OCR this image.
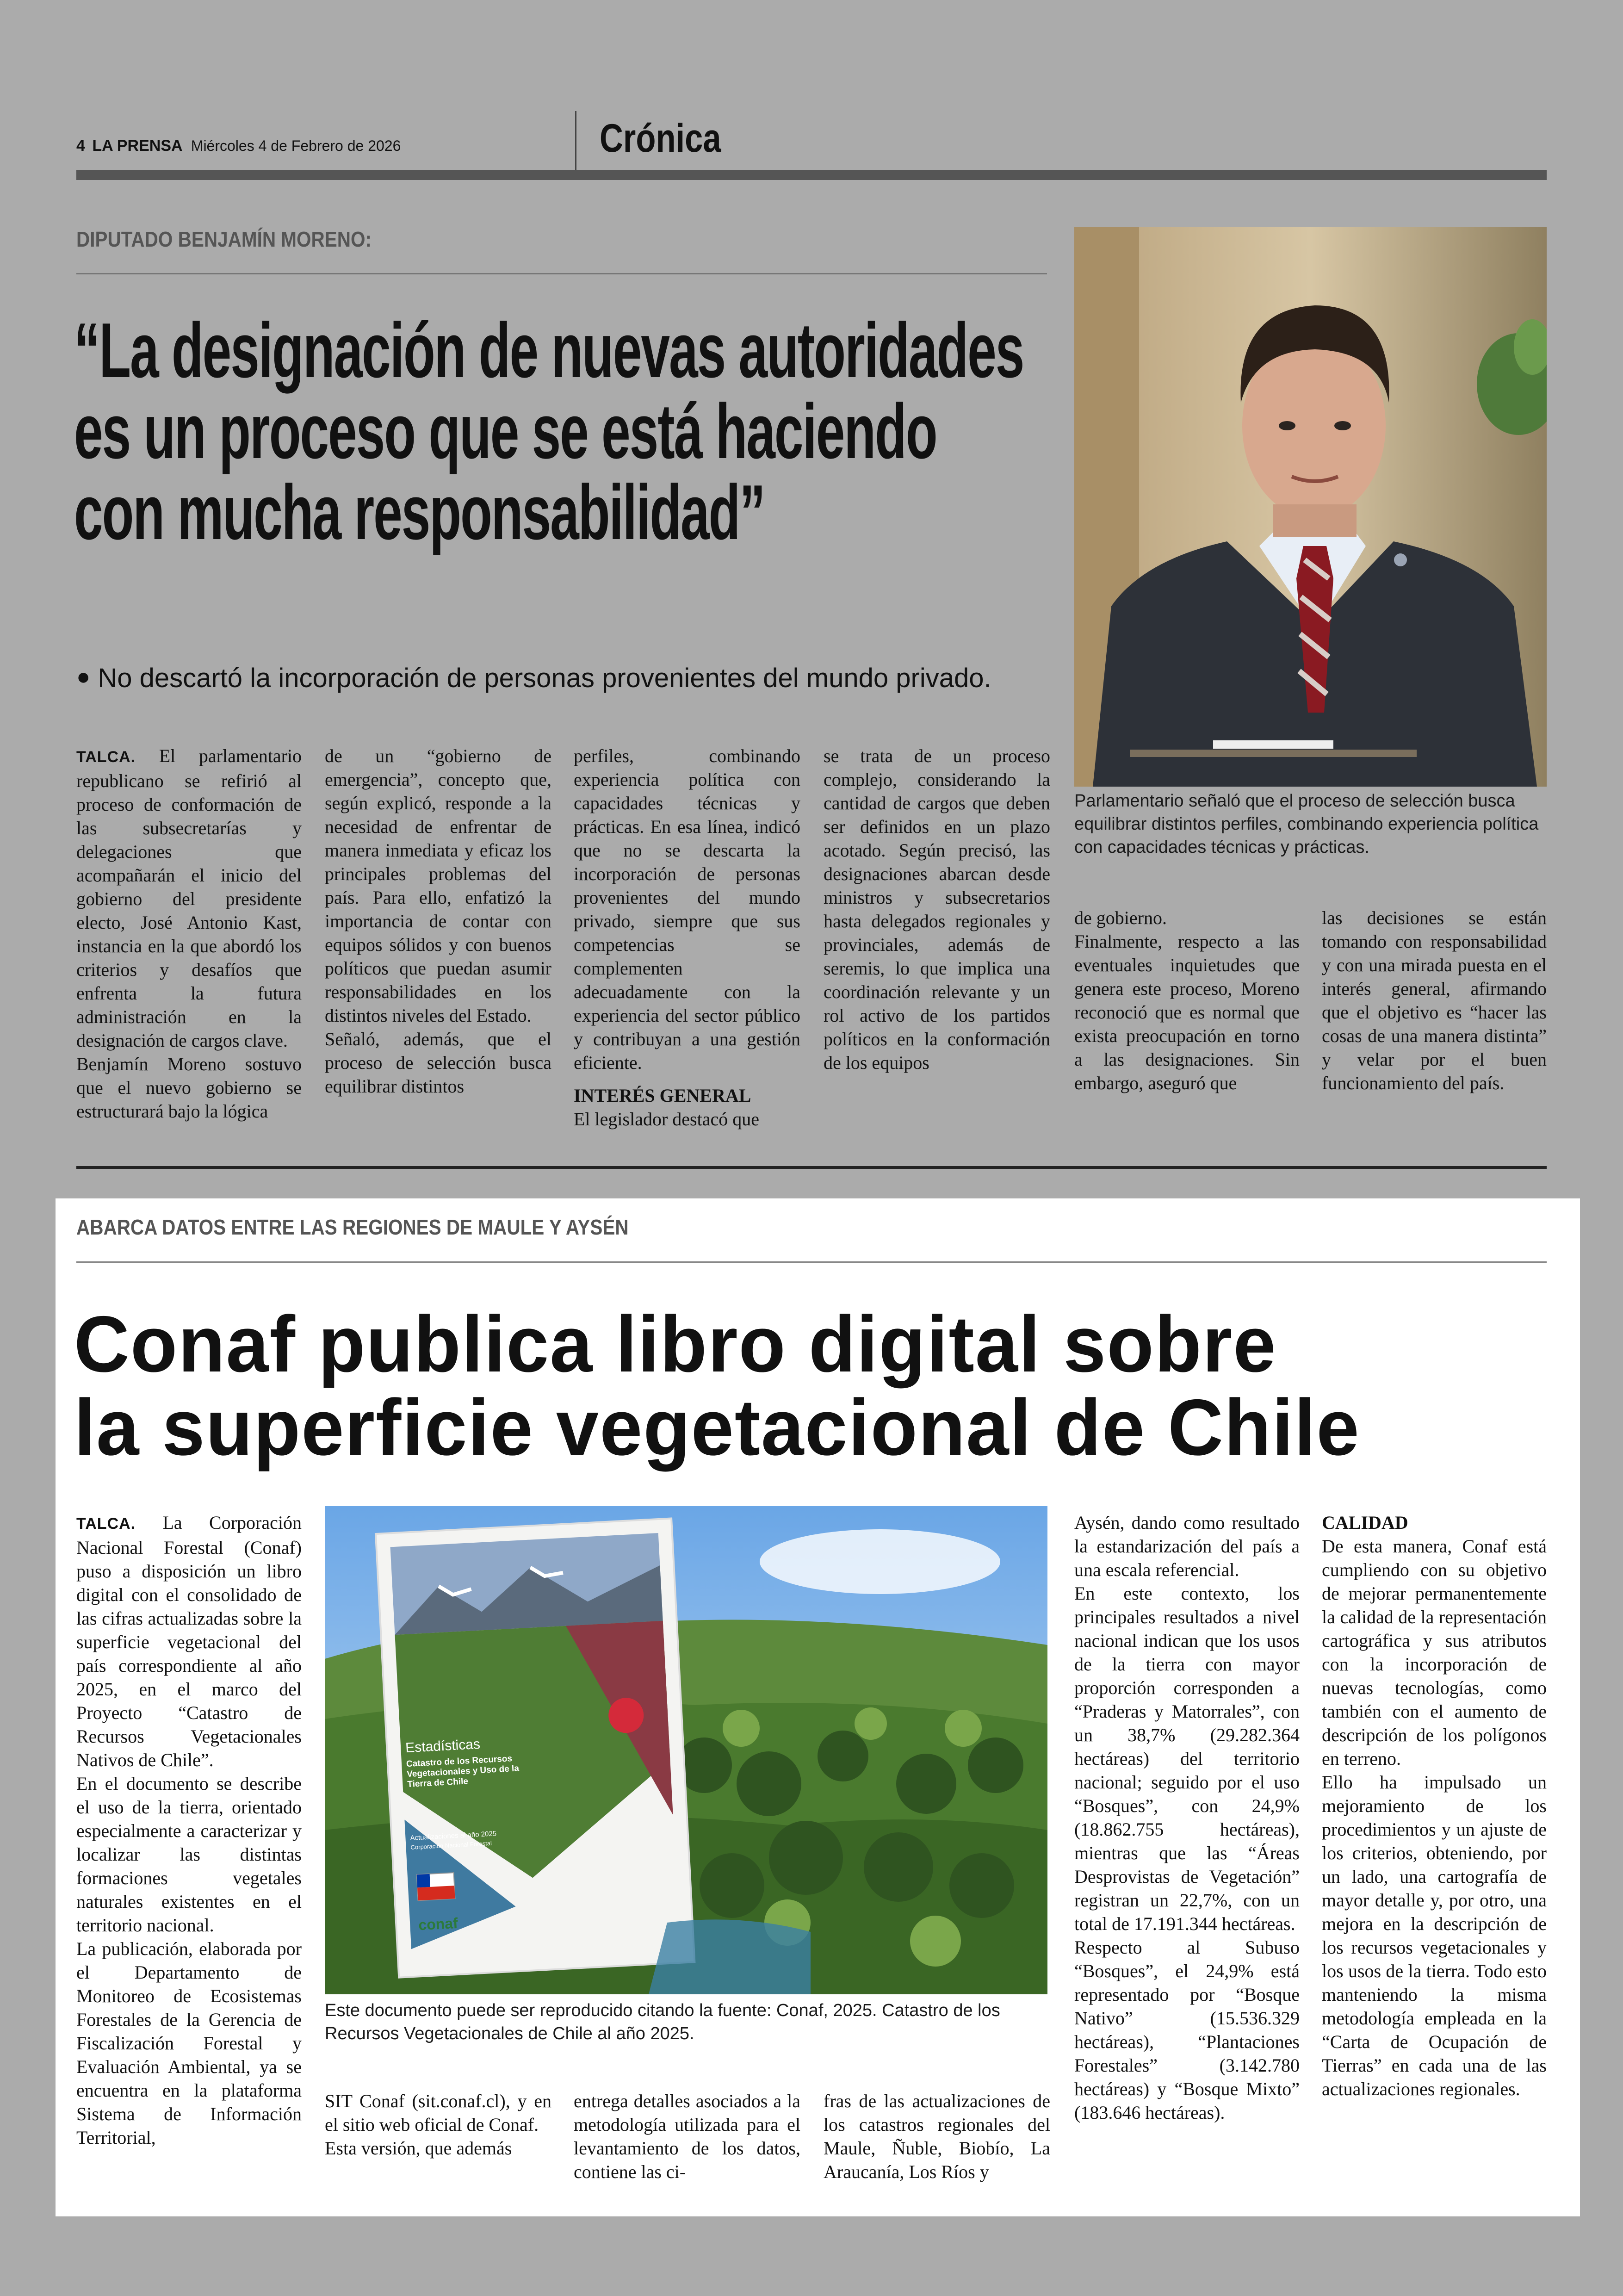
4 LA PRENSA Miércoles 4 de Febrero de 2026	Crónica
DIPUTADO BENJAMÍN MORENO:
“La designación de nuevas autoridades
es un proceso que se está haciendo
con mucha responsabilidad”
● No descartó la incorporación de personas provenientes del mundo privado.
Parlamentario señaló que el proceso de selección busca equilibrar distintos perfiles, combinando experiencia política con capacidades técnicas y prácticas.

TALCA. El parlamentario republicano se refirió al proceso de conformación de las subsecretarías y delegaciones que acompañarán el inicio del gobierno del presidente electo, José Antonio Kast, instancia en la que abordó los criterios y desafíos que enfrenta la futura administración en la designación de cargos clave.

Benjamín Moreno sostuvo que el nuevo gobierno se estructurará bajo la lógica

de un “gobierno de emergencia”, concepto que, según explicó, responde a la necesidad de enfrentar de manera inmediata y eficaz los principales problemas del país. Para ello, enfatizó la importancia de contar con equipos sólidos y con buenos políticos que puedan asumir responsabilidades en los distintos niveles del Estado.

Señaló, además, que el proceso de selección busca equilibrar distintos

perfiles, combinando experiencia política con capacidades técnicas y prácticas. En esa línea, indicó que no se descarta la incorporación de personas provenientes del mundo privado, siempre que sus competencias se complementen adecuadamente con la experiencia del sector público y contribuyan a una gestión eficiente.

INTERÉS GENERAL

El legislador destacó que

se trata de un proceso complejo, considerando la cantidad de cargos que deben ser definidos en un plazo acotado. Según precisó, las designaciones abarcan desde ministros y subsecretarios hasta delegados regionales y provinciales, además de seremis, lo que implica una coordinación relevante y un rol activo de los partidos políticos en la conformación de los equipos

de gobierno.

Finalmente, respecto a las eventuales inquietudes que genera este proceso, Moreno reconoció que es normal que exista preocupación en torno a las designaciones. Sin embargo, aseguró que

las decisiones se están tomando con responsabilidad y con una mirada puesta en el interés general, afirmando que el objetivo es “hacer las cosas de una manera distinta” y velar por el buen funcionamiento del país.

ABARCA DATOS ENTRE LAS REGIONES DE MAULE Y AYSÉN
Conaf publica libro digital sobre
la superficie vegetacional de Chile

TALCA. La Corporación Nacional Forestal (Conaf) puso a disposición un libro digital con el consolidado de las cifras actualizadas sobre la superficie vegetacional del país correspondiente al año 2025, en el marco del Proyecto “Catastro de Recursos Vegetacionales Nativos de Chile”.

En el documento se describe el uso de la tierra, orientado especialmente a caracterizar y localizar las distintas formaciones vegetales naturales existentes en el territorio nacional.

La publicación, elaborada por el Departamento de Monitoreo de Ecosistemas Forestales de la Gerencia de Fiscalización Forestal y Evaluación Ambiental, ya se encuentra en la plataforma Sistema de Información Territorial,

Estadísticas
Catastro de los Recursos Vegetacionales y Uso de la Tierra de Chile
Actualizaciones al año 2025
Corporación Nacional Forestal
conaf
Este documento puede ser reproducido citando la fuente: Conaf, 2025. Catastro de los Recursos Vegetacionales de Chile al año 2025.

SIT Conaf (sit.conaf.cl), y en el sitio web oficial de Conaf.

Esta versión, que además

entrega detalles asociados a la metodología utilizada para el levantamiento de los datos, contiene las ci-

fras de las actualizaciones de los catastros regionales del Maule, Ñuble, Biobío, La Araucanía, Los Ríos y

Aysén, dando como resultado la estandarización del país a una escala referencial.

En este contexto, los principales resultados a nivel nacional indican que los usos de la tierra con mayor proporción corresponden a “Praderas y Matorrales”, con un 38,7% (29.282.364 hectáreas) del territorio nacional; seguido por el uso “Bosques”, con 24,9% (18.862.755 hectáreas), mientras que las “Áreas Desprovistas de Vegetación” registran un 22,7%, con un total de 17.191.344 hectáreas.

Respecto al Subuso “Bosques”, el 24,9% está representado por “Bosque Nativo” (15.536.329 hectáreas), “Plantaciones Forestales” (3.142.780 hectáreas) y “Bosque Mixto” (183.646 hectáreas).

CALIDAD

De esta manera, Conaf está cumpliendo con su objetivo de mejorar permanentemente la calidad de la representación cartográfica y sus atributos con la incorporación de nuevas tecnologías, como también con el aumento de descripción de los polígonos en terreno.

Ello ha impulsado un mejoramiento de los procedimientos y un ajuste de los criterios, obteniendo, por un lado, una cartografía de mayor detalle y, por otro, una mejora en la descripción de los recursos vegetacionales y los usos de la tierra. Todo esto manteniendo la misma metodología empleada en la “Carta de Ocupación de Tierras” en cada una de las actualizaciones regionales.
